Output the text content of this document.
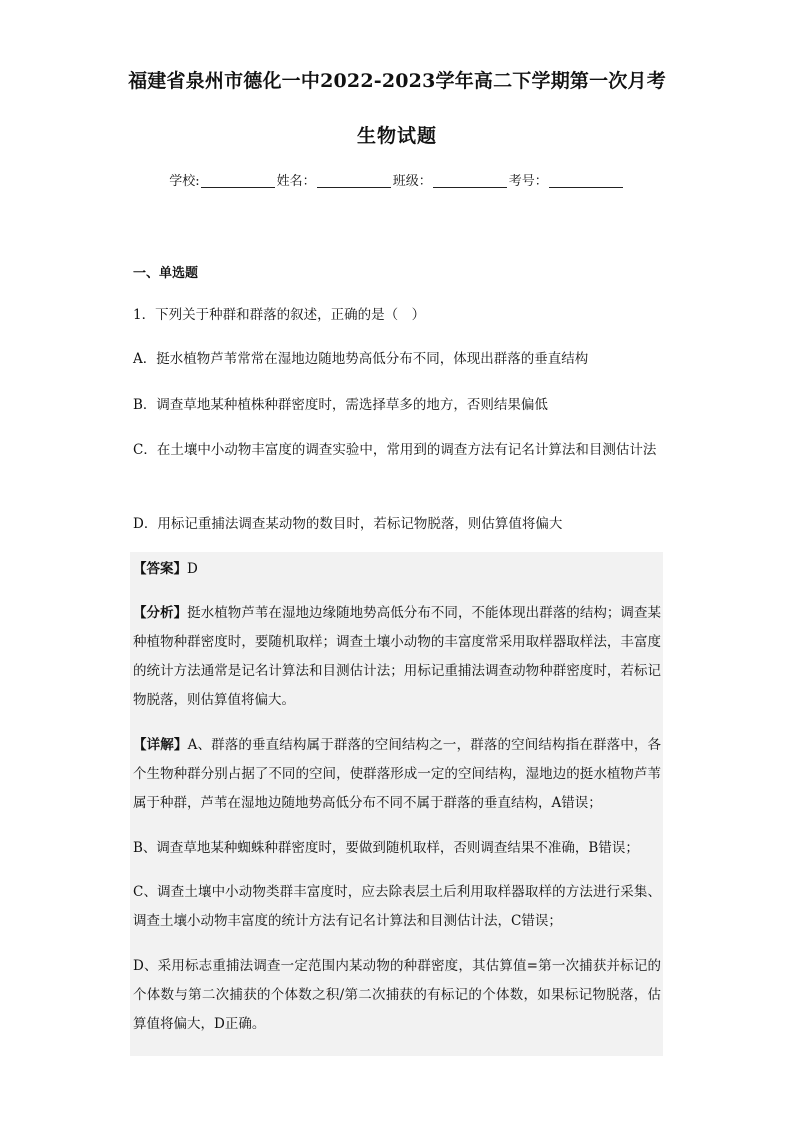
福建省泉州市德化一中2022-2023学年高二下学期第一次月考
生物试题
学校:	姓名：	班级：	考号：
一、单选题
1．下列关于种群和群落的叙述，正确的是（　）
A．挺水植物芦苇常常在湿地边随地势高低分布不同，体现出群落的垂直结构
B．调查草地某种植株种群密度时，需选择草多的地方，否则结果偏低
C．在土壤中小动物丰富度的调查实验中，常用到的调查方法有记名计算法和目测估计法
D．用标记重捕法调查某动物的数目时，若标记物脱落，则估算值将偏大
【答案】D
【分析】挺水植物芦苇在湿地边缘随地势高低分布不同，不能体现出群落的结构；调查某种植物种群密度时，要随机取样；调查土壤小动物的丰富度常采用取样器取样法，丰富度的统计方法通常是记名计算法和目测估计法；用标记重捕法调查动物种群密度时，若标记物脱落，则估算值将偏大。
【详解】A、群落的垂直结构属于群落的空间结构之一，群落的空间结构指在群落中，各个生物种群分别占据了不同的空间，使群落形成一定的空间结构，湿地边的挺水植物芦苇属于种群，芦苇在湿地边随地势高低分布不同不属于群落的垂直结构，A错误；
B、调查草地某种蜘蛛种群密度时，要做到随机取样，否则调查结果不准确，B错误；
C、调查土壤中小动物类群丰富度时，应去除表层土后利用取样器取样的方法进行采集、调查土壤小动物丰富度的统计方法有记名计算法和目测估计法，C错误；
D、采用标志重捕法调查一定范围内某动物的种群密度，其估算值=第一次捕获并标记的个体数与第二次捕获的个体数之积/第二次捕获的有标记的个体数，如果标记物脱落，估算值将偏大，D正确。
